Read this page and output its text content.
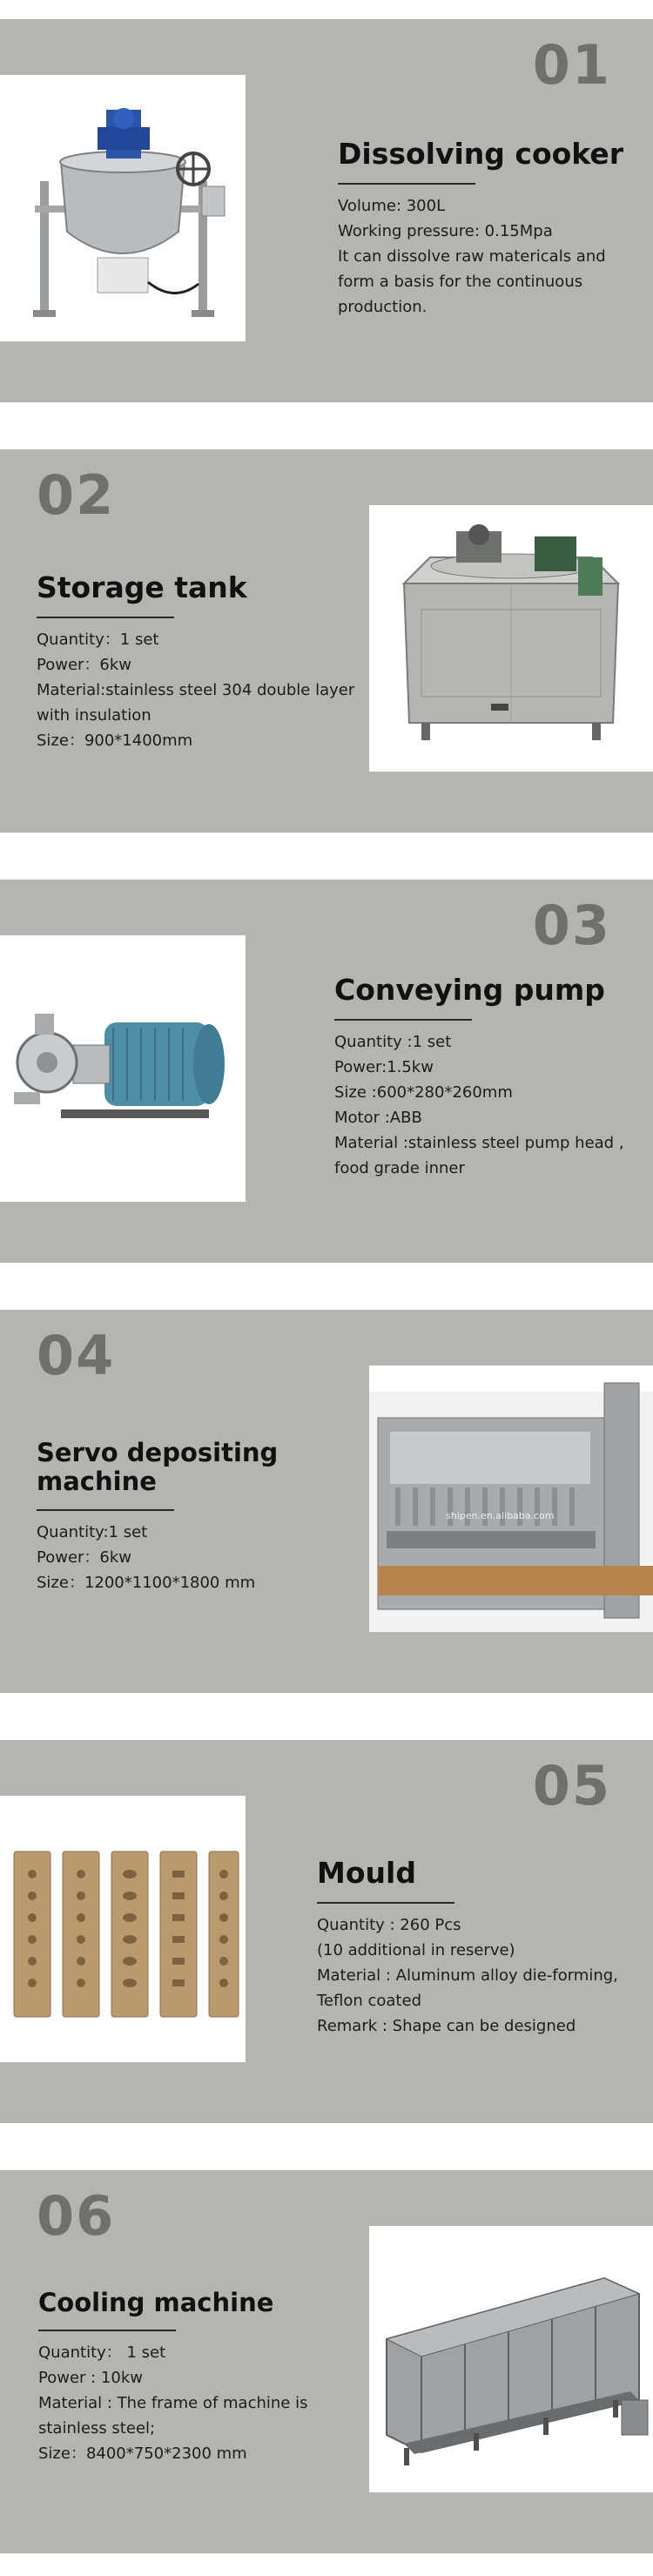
01
Dissolving cooker

Volume: 300L

Working pressure: 0.15Mpa

It can dissolve raw matericals and
form a basis for the continuous
production.

02
Storage tank

Quantity：1 set

Power：6kw

Material:stainless steel 304 double layer
with insulation

Size：900*1400mm

03
Conveying pump

Quantity :1 set

Power:1.5kw

Size :600*280*260mm

Motor :ABB

Material :stainless steel pump head ,
food grade inner

04
shipen.en.alibaba.com
Servo depositing
machine

Quantity:1 set

Power：6kw

Size：1200*1100*1800 mm

05
Mould

Quantity : 260 Pcs
(10 additional in reserve)

Material : Aluminum alloy die-forming,
Teflon coated

Remark : Shape can be designed

06
Cooling machine

Quantity： 1 set

Power : 10kw

Material : The frame of machine is
stainless steel;

Size：8400*750*2300 mm
